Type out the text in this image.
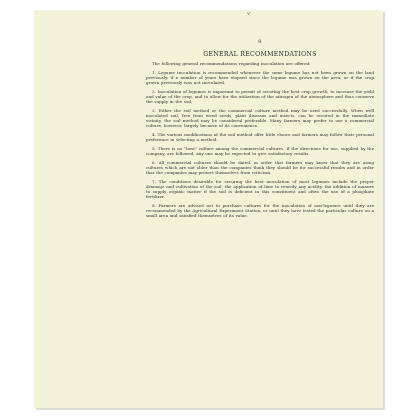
v
8
GENERAL RECOMMENDATIONS

The following general recommendations regarding inoculation are offered:

1. Legume inoculation is recommended whenever the same legume has not been grown on the land previously, if a number of years have elapsed since the legume was grown on the area, or if the crop grown previously was not inoculated.

2. Inoculation of legumes is important to permit of securing the best crop growth, to increase the yield and value of the crop, and to allow for the utilization of the nitrogen of the atmosphere and thus conserve the supply in the soil.

3. Either the soil method or the commercial culture method may be used successfully. When well inoculated soil, free from weed seeds, plant diseases and insects, can be secured in the immediate vicinity, the soil method may be considered preferable. Many farmers may prefer to use a commercial culture, however, largely because of its convenience.

4. The various modifications of the soil method offer little choice and farmers may follow their personal preference in selecting a method.

5. There is no "best" culture among the commercial cultures. If the directions for use, supplied by the company, are followed, any one may be expected to give satisfactory results.

6. All commercial cultures should be dated, in order that farmers may know that they are using cultures which are not older than the companies think they should be for successful results and in order that the companies may protect themselves from criticism.

7. The conditions desirable for securing the best inoculation of most legumes include the proper drainage and cultivation of the soil, the application of lime to remedy any acidity, the addition of manure to supply organic matter if the soil is deficient in this constituent and often the use of a phosphate fertilizer.

8. Farmers are advised not to purchase cultures for the inoculation of non-legumes until they are recommended by the Agricultural Experiment Station, or until they have tested the particular culture on a small area and satisfied themselves of its value.
